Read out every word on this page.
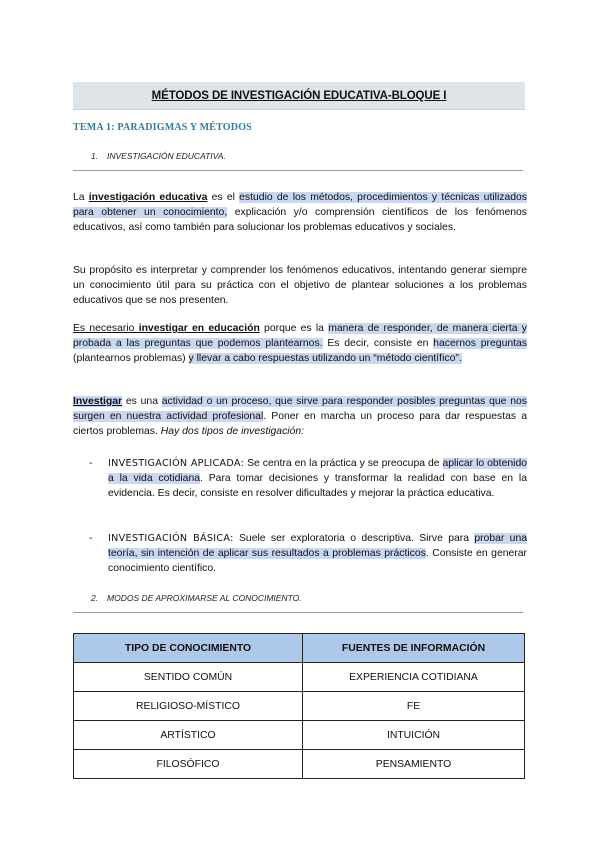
MÉTODOS DE INVESTIGACIÓN EDUCATIVA-BLOQUE I
TEMA 1: PARADIGMAS Y MÉTODOS
1. INVESTIGACIÓN EDUCATIVA.
La investigación educativa es el estudio de los métodos, procedimientos y técnicas utilizados para obtener un conocimiento, explicación y/o comprensión científicos de los fenómenos educativos, así como también para solucionar los problemas educativos y sociales.
Su propósito es interpretar y comprender los fenómenos educativos, intentando generar siempre un conocimiento útil para su práctica con el objetivo de plantear soluciones a los problemas educativos que se nos presenten.
Es necesario investigar en educación porque es la manera de responder, de manera cierta y probada a las preguntas que podemos plantearnos. Es decir, consiste en hacernos preguntas (plantearnos problemas) y llevar a cabo respuestas utilizando un “método científico”.
Investigar es una actividad o un proceso, que sirve para responder posibles preguntas que nos surgen en nuestra actividad profesional. Poner en marcha un proceso para dar respuestas a ciertos problemas. Hay dos tipos de investigación:
- INVESTIGACIÓN APLICADA: Se centra en la práctica y se preocupa de aplicar lo obtenido a la vida cotidiana. Para tomar decisiones y transformar la realidad con base en la evidencia. Es decir, consiste en resolver dificultades y mejorar la práctica educativa.
- INVESTIGACIÓN BÁSICA: Suele ser exploratoria o descriptiva. Sirve para probar una teoría, sin intención de aplicar sus resultados a problemas prácticos. Consiste en generar conocimiento científico.
2. MODOS DE APROXIMARSE AL CONOCIMIENTO.
TIPO DE CONOCIMIENTO	FUENTES DE INFORMACIÓN
SENTIDO COMÚN	EXPERIENCIA COTIDIANA
RELIGIOSO-MÍSTICO	FE
ARTÍSTICO	INTUICIÓN
FILOSÓFICO	PENSAMIENTO
